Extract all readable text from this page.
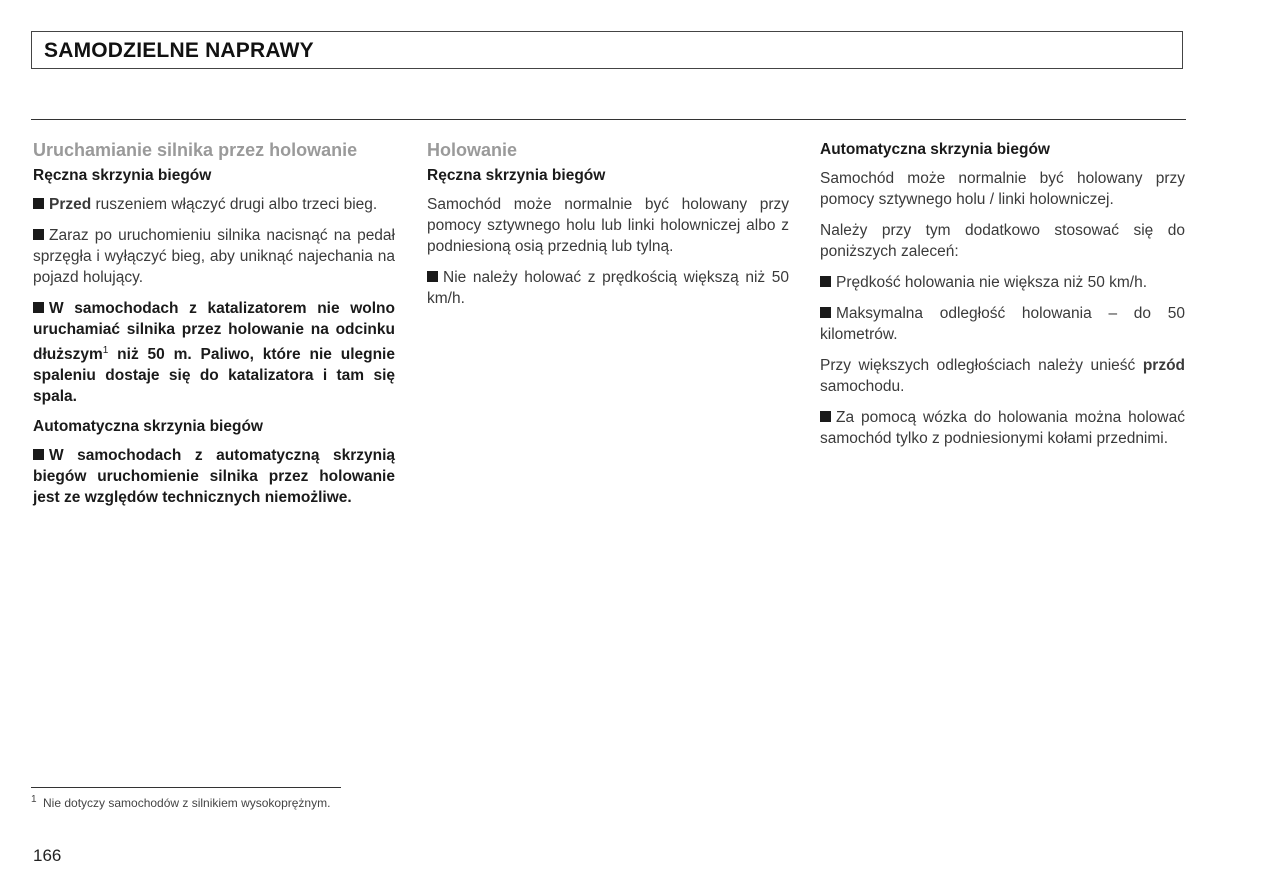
SAMODZIELNE NAPRAWY
Uruchamianie silnika przez holowanie
Ręczna skrzynia biegów

Przed ruszeniem włączyć drugi albo trzeci bieg.

Zaraz po uruchomieniu silnika nacisnąć na pedał sprzęgła i wyłączyć bieg, aby uniknąć najechania na pojazd holujący.

W samochodach z katalizatorem nie wolno uruchamiać silnika przez holowanie na odcinku dłuższym$^1$ niż 50 m. Paliwo, które nie ulegnie spaleniu dostaje się do katalizatora i tam się spala.

Automatyczna skrzynia biegów

W samochodach z automatyczną skrzynią biegów uruchomienie silnika przez holowanie jest ze względów technicznych niemożliwe.

Holowanie
Ręczna skrzynia biegów

Samochód może normalnie być holowany przy pomocy sztywnego holu lub linki holowniczej albo z podniesioną osią przednią lub tylną.

Nie należy holować z prędkością większą niż 50 km/h.

Automatyczna skrzynia biegów

Samochód może normalnie być holowany przy pomocy sztywnego holu / linki holowniczej.

Należy przy tym dodatkowo stosować się do poniższych zaleceń:

Prędkość holowania nie większa niż 50 km/h.

Maksymalna odległość holowania – do 50 kilometrów.

Przy większych odległościach należy unieść przód samochodu.

Za pomocą wózka do holowania można holować samochód tylko z podniesionymi kołami przednimi.

1 Nie dotyczy samochodów z silnikiem wysokoprężnym.
166
